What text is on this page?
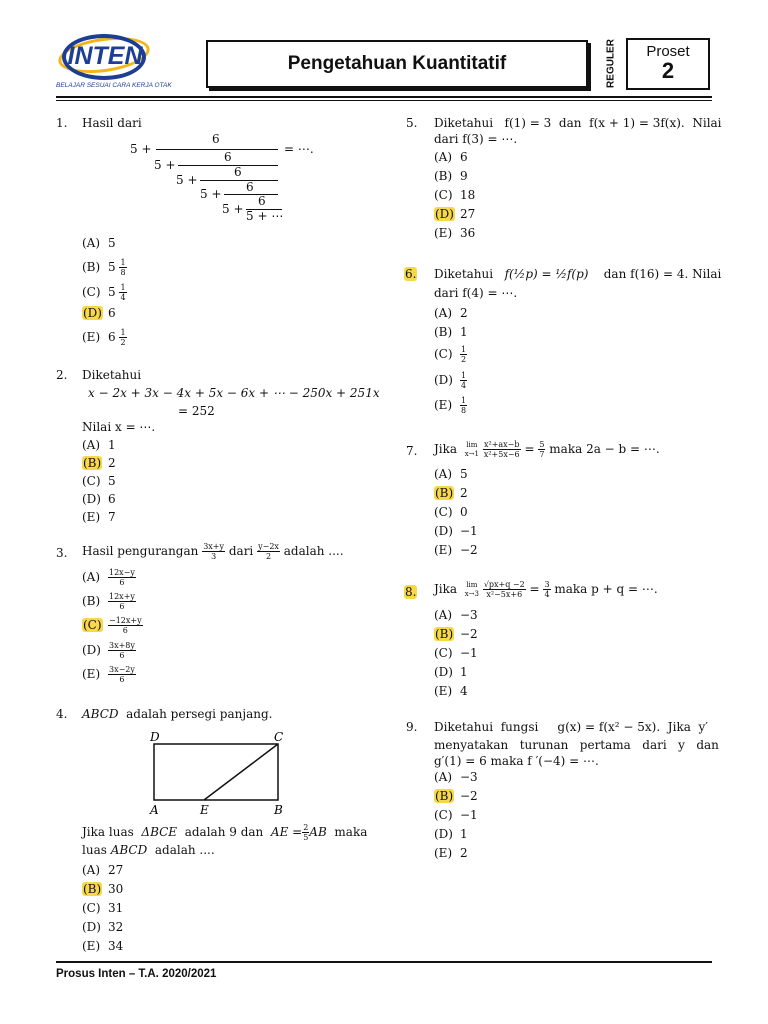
INTEN
BELAJAR SESUAI CARA KERJA OTAK
Pengetahuan Kuantitatif	REGULER	Proset
2
1. Hasil dari
6
5 +	= ⋯.
6
5 +	6
5 +	6
5 +	6
5 + 5 + ⋯
(A) 5
(B) $5 \frac{1}{8}$
(C) $5 \frac{1}{4}$
(D) 6
(E) $6 \frac{1}{2}$
2. Diketahui
x − 2x + 3x − 4x + 5x − 6x + ⋯ − 250x + 251x
= 252
Nilai x = ⋯.
(A) 1
(B) 2
(C) 5
(D) 6
(E) 7
3. Hasil pengurangan $\frac{3x+y}{3}$ dari $\frac{y-2x}{2}$ adalah ....
$(A) \frac{12x-y}{6}$
$(B) \frac{12x+y}{6}$
$(C) \frac{-12x+y}{6}$
$(D) \frac{3x+8y}{6}$
$(E) \frac{3x-2y}{6}$
4. ABCD adalah persegi panjang.
D	C
A	E	B
Jika luas ΔBCE adalah 9 dan AE = $\frac{2}{5}$ AB maka
luas ABCD adalah ....
(A) 27
(B) 30
(C) 31
(D) 32
(E) 34
5. Diketahui   f(1) = 3  dan  f(x + 1) = 3f(x).  Nilai
dari f(3) = ⋯.
(A) 6
(B) 9
(C) 18
(D) 27
(E) 36
6. Diketahui f(½p) = ½f(p) dan f(16) = 4. Nilai
dari f(4) = ⋯.
(A) 2
(B) 1
$(C) \frac{1}{2}$
$(D) \frac{1}{4}$
$(E) \frac{1}{8}$
7. Jika lim
x→1
$\frac{\text{x²+ax−b}}{\text{x²+5x−6}} = \frac{5}{7}$ maka 2a − b = ⋯.
(A) 5
(B) 2
(C) 0
(D) −1
(E) −2
8. Jika lim
x→3
$\frac{√px+q -2}{\text{x²−5x+6}} = \frac{3}{4}$ maka p + q = ⋯.
(A) −3
(B) −2
(C) −1
(D) 1
(E) 4
9. Diketahui  fungsi     g(x) = f(x² − 5x).  Jika  y′
menyatakan   turunan   pertama   dari   y   dan
g′(1) = 6 maka f ′(−4) = ⋯.
(A) −3
(B) −2
(C) −1
(D) 1
(E) 2
Prosus Inten – T.A. 2020/2021
